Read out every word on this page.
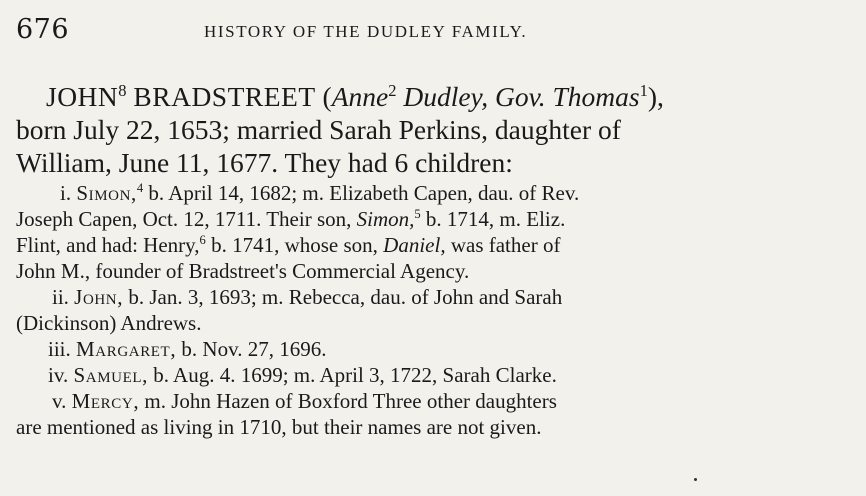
676	HISTORY OF THE DUDLEY FAMILY.
JOHN$^8$ BRADSTREET (Anne$^2$ Dudley, Gov. Thomas$^1$),
born July 22, 1653; married Sarah Perkins, daughter of
William, June 11, 1677. They had 6 children:
i. Simon,$^4$ b. April 14, 1682; m. Elizabeth Capen, dau. of Rev.
Joseph Capen, Oct. 12, 1711. Their son, Simon,$^5$ b. 1714, m. Eliz.
Flint, and had: Henry,$^6$ b. 1741, whose son, Daniel, was father of
John M., founder of Bradstreet's Commercial Agency.
ii. John, b. Jan. 3, 1693; m. Rebecca, dau. of John and Sarah
(Dickinson) Andrews.
iii. Margaret, b. Nov. 27, 1696.
iv. Samuel, b. Aug. 4. 1699; m. April 3, 1722, Sarah Clarke.
v. Mercy, m. John Hazen of Boxford Three other daughters
are mentioned as living in 1710, but their names are not given.
